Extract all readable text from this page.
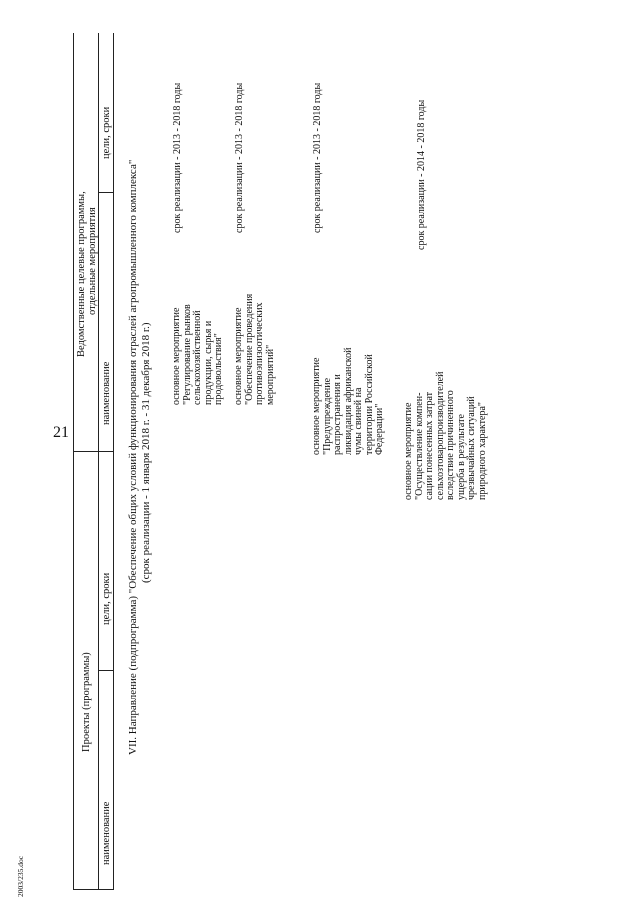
21
Проекты (программы)
Ведомственные целевые программы, отдельные мероприятия
наименование
цели, сроки
наименование
цели, сроки
VII. Направление (подпрограмма) "Обеспечение общих условий функционирования отраслей агропромышленного комплекса" (срок реализации - 1 января 2018 г. - 31 декабря 2018 г.) основное мероприятие "Регулирование рынков сельскохозяйственной продукции, сырья и продовольствия"
срок реализации - 2013 - 2018 годы
основное мероприятие "Обеспечение проведения противоэпизоотических мероприятий"
срок реализации - 2013 - 2018 годы
основное мероприятие "Предупреждение распространения и ликвидация африканской чумы свиней на территории Российской Федерации"
срок реализации - 2013 - 2018 годы
основное мероприятие "Осуществление компен- сации понесенных затрат сельхозтоваропроизводителей вследствие причиненного ущерба в результате чрезвычайных ситуаций природного характера"
срок реализации - 2014 - 2018 годы
2003/235.doc
